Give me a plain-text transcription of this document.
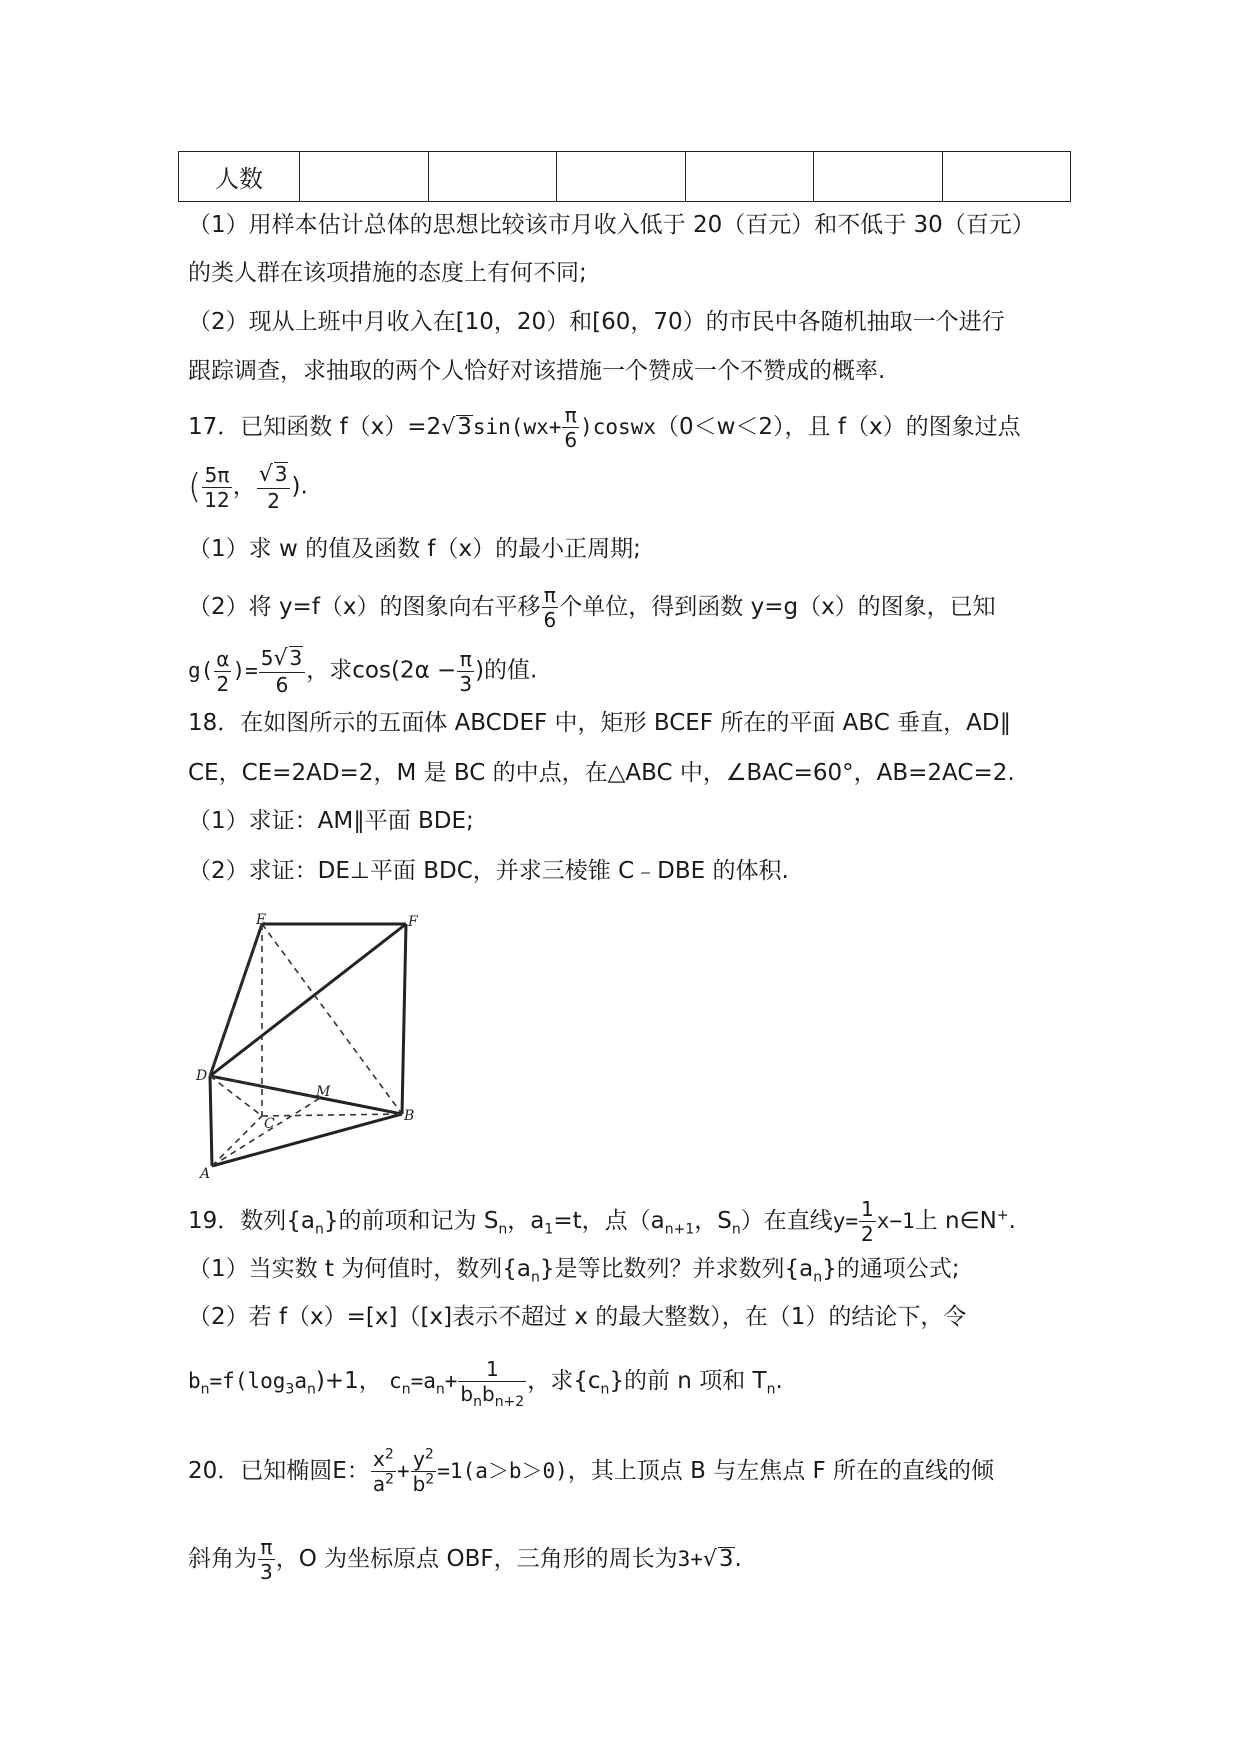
人数						
（1）用样本估计总体的思想比较该市月收入低于 20（百元）和不低于 30（百元）
的类人群在该项措施的态度上有何不同;
（2）现从上班中月收入在[10，20）和[60，70）的市民中各随机抽取一个进行
跟踪调查，求抽取的两个人恰好对该措施一个赞成一个不赞成的概率.
17．已知函数 $f(x)=2√3\sin(wx+ \frac{\pi}{6}$ )coswx（0＜w＜2），且 f（x）的图象过点
( $\frac{5\pi}{12}$ ， $\frac{√ 3}{2}$ ).
（1）求 w 的值及函数 f（x）的最小正周期;
（2）将 y=f（x）的图象向右平移 $\frac{\pi}{6}$ 个单位，得到函数 y=g（x）的图象，已知
$g( \frac{\alpha}{2}$ )= $\frac{5√ 3}{6}$ ，求$\cos(2\alpha - \frac{\pi}{3}$ )的值.
18．在如图所示的五面体 ABCDEF 中，矩形 BCEF 所在的平面 ABC 垂直，AD∥
CE，CE=2AD=2，M 是 BC 的中点，在△ABC 中，∠BAC=60°，AB=2AC=2.
（1）求证：AM∥平面 BDE;
（2）求证：DE⊥平面 BDC，并求三棱锥 C﹣DBE 的体积.
E	F
D
C
M
B
A
19．数列$\{a_n\}$的前项和记为 $S_n$，$a_1=t$，点（$a_{n+1}$，$S_n$）在直线$y= \frac{1}{2} x-1$上 n∈N+.
（1）当实数 t 为何值时，数列$\{a_n\}$是等比数列？并求数列$\{a_n\}$的通项公式;
（2）若 f（x）=[x]（[x]表示不超过 x 的最大整数），在（1）的结论下，令
$b_n=f(\log_3a_n)+1$， $c_n=a_n+ \frac{1}{b_nb_{n+2}}$ ，求$\{c_n\}$的前 n 项和 $T_n$.
20．已知椭圆E： $\frac{x^2}{a^2} + \frac{y^2}{b^2} =1(a>b>0)$，其上顶点 B 与左焦点 F 所在的直线的倾
斜角为 $\frac{\pi}{3}$ ，O 为坐标原点 OBF，三角形的周长为3+√3.
